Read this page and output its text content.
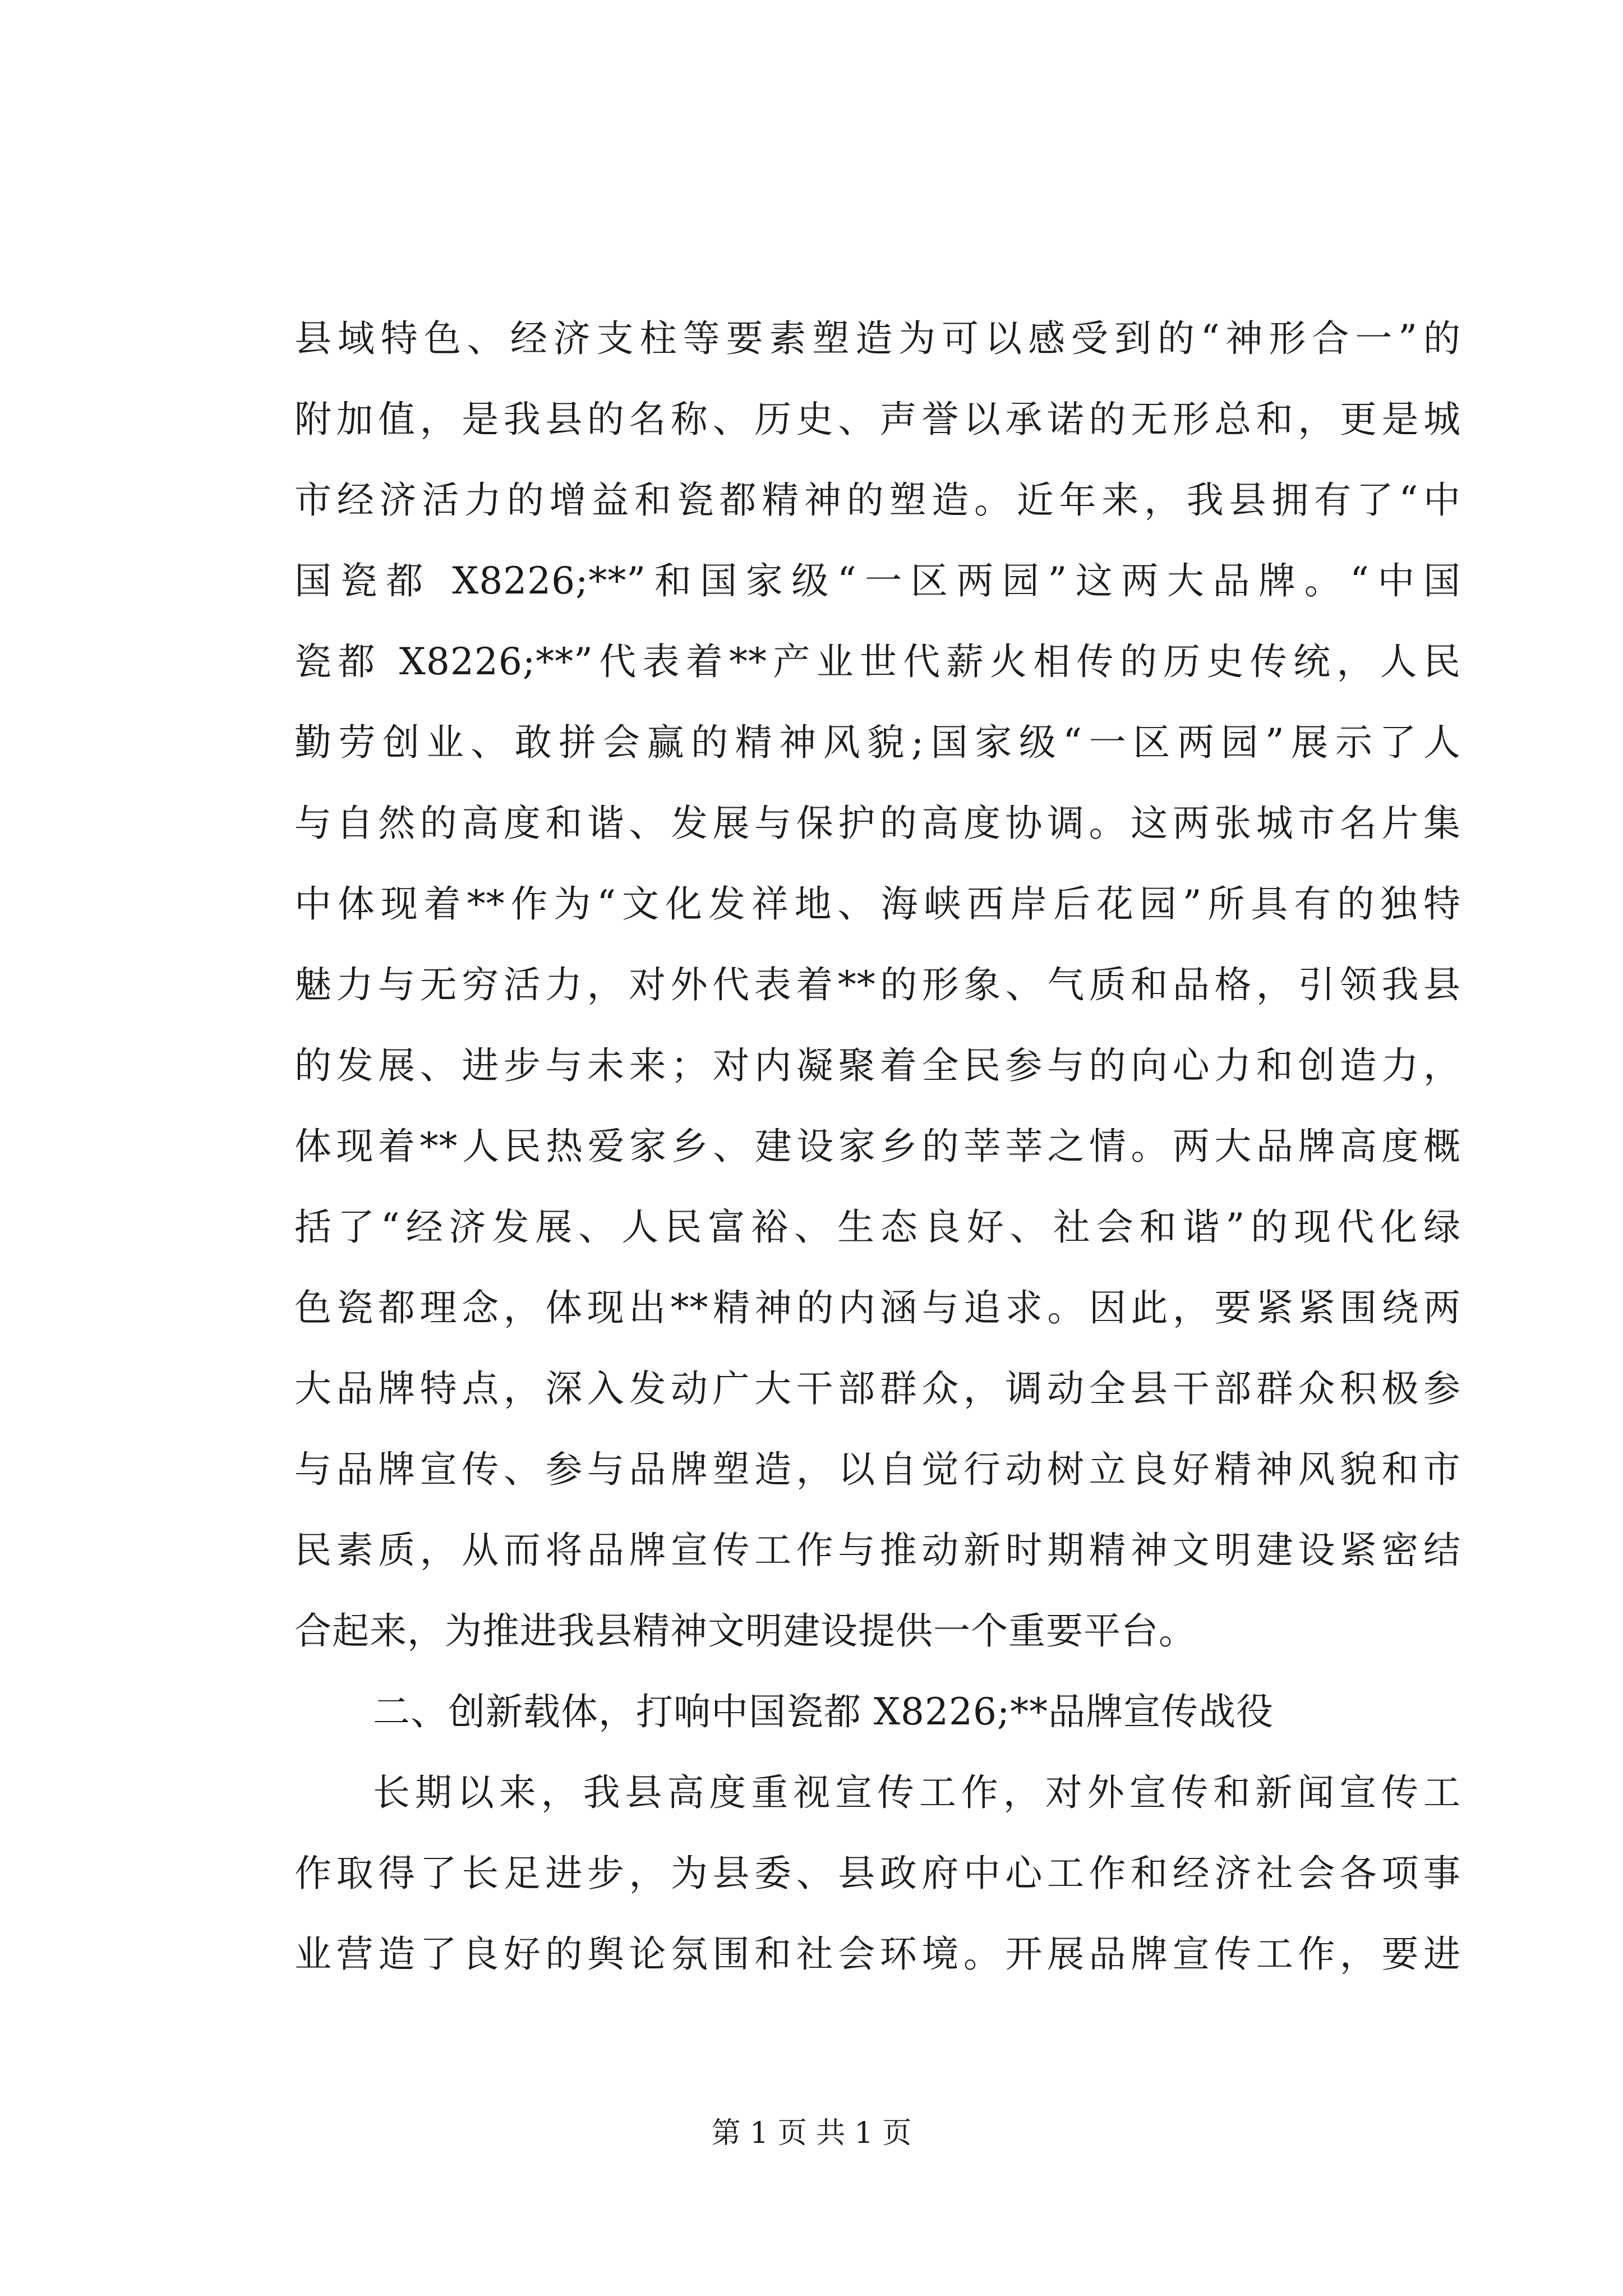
县域特色、经济支柱等要素塑造为可以感受到的“神形合一”的
附加值，是我县的名称、历史、声誉以承诺的无形总和，更是城
市经济活力的增益和瓷都精神的塑造。近年来，我县拥有了“中
国瓷都 X8226;**”和国家级“一区两园”这两大品牌。“中国
瓷都 X8226;**”代表着**产业世代薪火相传的历史传统，人民
勤劳创业、敢拼会赢的精神风貌;国家级“一区两园”展示了人
与自然的高度和谐、发展与保护的高度协调。这两张城市名片集
中体现着**作为“文化发祥地、海峡西岸后花园”所具有的独特
魅力与无穷活力，对外代表着**的形象、气质和品格，引领我县
的发展、进步与未来；对内凝聚着全民参与的向心力和创造力，
体现着**人民热爱家乡、建设家乡的莘莘之情。两大品牌高度概
括了“经济发展、人民富裕、生态良好、社会和谐”的现代化绿
色瓷都理念，体现出**精神的内涵与追求。因此，要紧紧围绕两
大品牌特点，深入发动广大干部群众，调动全县干部群众积极参
与品牌宣传、参与品牌塑造，以自觉行动树立良好精神风貌和市
民素质，从而将品牌宣传工作与推动新时期精神文明建设紧密结
合起来，为推进我县精神文明建设提供一个重要平台。
二、创新载体，打响中国瓷都 X8226;**品牌宣传战役
长期以来，我县高度重视宣传工作，对外宣传和新闻宣传工
作取得了长足进步，为县委、县政府中心工作和经济社会各项事
业营造了良好的舆论氛围和社会环境。开展品牌宣传工作，要进
第 1 页 共 1 页
